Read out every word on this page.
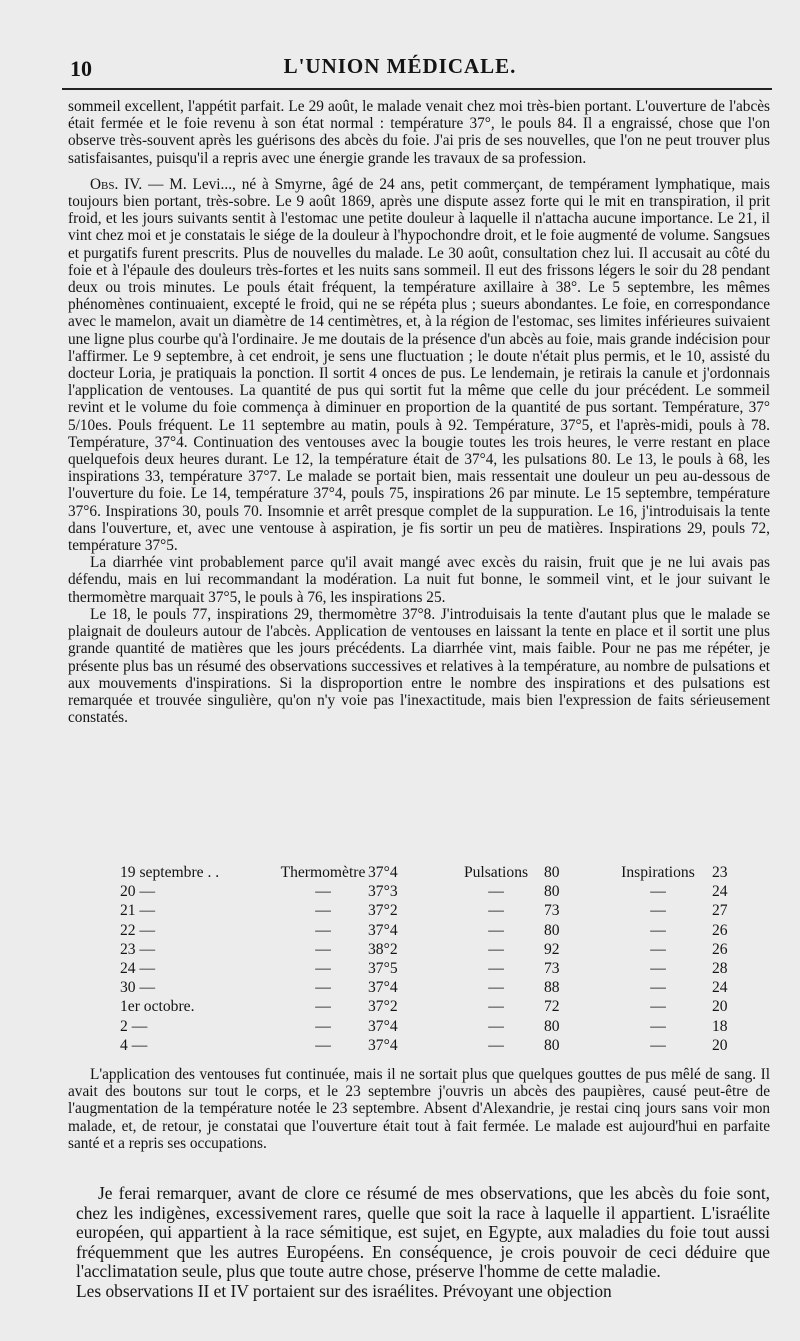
10	L'UNION MÉDICALE.

sommeil excellent, l'appétit parfait. Le 29 août, le malade venait chez moi très-bien portant. L'ouverture de l'abcès était fermée et le foie revenu à son état normal : température 37°, le pouls 84. Il a engraissé, chose que l'on observe très-souvent après les guérisons des abcès du foie. J'ai pris de ses nouvelles, que l'on ne peut trouver plus satisfaisantes, puisqu'il a repris avec une énergie grande les travaux de sa profession.

Obs. IV. — M. Levi..., né à Smyrne, âgé de 24 ans, petit commerçant, de tempérament lymphatique, mais toujours bien portant, très-sobre. Le 9 août 1869, après une dispute assez forte qui le mit en transpiration, il prit froid, et les jours suivants sentit à l'estomac une petite douleur à laquelle il n'attacha aucune importance. Le 21, il vint chez moi et je constatais le siége de la douleur à l'hypochondre droit, et le foie augmenté de volume. Sangsues et purgatifs furent prescrits. Plus de nouvelles du malade. Le 30 août, consultation chez lui. Il accusait au côté du foie et à l'épaule des douleurs très-fortes et les nuits sans sommeil. Il eut des frissons légers le soir du 28 pendant deux ou trois minutes. Le pouls était fréquent, la température axillaire à 38°. Le 5 septembre, les mêmes phénomènes continuaient, excepté le froid, qui ne se répéta plus ; sueurs abondantes. Le foie, en correspondance avec le mamelon, avait un diamètre de 14 centimètres, et, à la région de l'estomac, ses limites inférieures suivaient une ligne plus courbe qu'à l'ordinaire. Je me doutais de la présence d'un abcès au foie, mais grande indécision pour l'affirmer. Le 9 septembre, à cet endroit, je sens une fluctuation ; le doute n'était plus permis, et le 10, assisté du docteur Loria, je pratiquais la ponction. Il sortit 4 onces de pus. Le lendemain, je retirais la canule et j'ordonnais l'application de ventouses. La quantité de pus qui sortit fut la même que celle du jour précédent. Le sommeil revint et le volume du foie commença à diminuer en proportion de la quantité de pus sortant. Température, 37° 5/10es. Pouls fréquent. Le 11 septembre au matin, pouls à 92. Température, 37°5, et l'après-midi, pouls à 78. Température, 37°4. Continuation des ventouses avec la bougie toutes les trois heures, le verre restant en place quelquefois deux heures durant. Le 12, la température était de 37°4, les pulsations 80. Le 13, le pouls à 68, les inspirations 33, température 37°7. Le malade se portait bien, mais ressentait une douleur un peu au-dessous de l'ouverture du foie. Le 14, température 37°4, pouls 75, inspirations 26 par minute. Le 15 septembre, température 37°6. Inspirations 30, pouls 70. Insomnie et arrêt presque complet de la suppuration. Le 16, j'introduisais la tente dans l'ouverture, et, avec une ventouse à aspiration, je fis sortir un peu de matières. Inspirations 29, pouls 72, température 37°5.

La diarrhée vint probablement parce qu'il avait mangé avec excès du raisin, fruit que je ne lui avais pas défendu, mais en lui recommandant la modération. La nuit fut bonne, le sommeil vint, et le jour suivant le thermomètre marquait 37°5, le pouls à 76, les inspirations 25.

Le 18, le pouls 77, inspirations 29, thermomètre 37°8. J'introduisais la tente d'autant plus que le malade se plaignait de douleurs autour de l'abcès. Application de ventouses en laissant la tente en place et il sortit une plus grande quantité de matières que les jours précédents. La diarrhée vint, mais faible. Pour ne pas me répéter, je présente plus bas un résumé des observations successives et relatives à la température, au nombre de pulsations et aux mouvements d'inspirations. Si la disproportion entre le nombre des inspirations et des pulsations est remarquée et trouvée singulière, qu'on n'y voie pas l'inexactitude, mais bien l'expression de faits sérieusement constatés.

19 septembre . .	Thermomètre	37°4	Pulsations	80	Inspirations	23
20 —	—	37°3	—	80	—	24
21 —	—	37°2	—	73	—	27
22 —	—	37°4	—	80	—	26
23 —	—	38°2	—	92	—	26
24 —	—	37°5	—	73	—	28
30 —	—	37°4	—	88	—	24
1er octobre.	—	37°2	—	72	—	20
2 —	—	37°4	—	80	—	18
4 —	—	37°4	—	80	—	20

L'application des ventouses fut continuée, mais il ne sortait plus que quelques gouttes de pus mêlé de sang. Il avait des boutons sur tout le corps, et le 23 septembre j'ouvris un abcès des paupières, causé peut-être de l'augmentation de la température notée le 23 septembre. Absent d'Alexandrie, je restai cinq jours sans voir mon malade, et, de retour, je constatai que l'ouverture était tout à fait fermée. Le malade est aujourd'hui en parfaite santé et a repris ses occupations.

Je ferai remarquer, avant de clore ce résumé de mes observations, que les abcès du foie sont, chez les indigènes, excessivement rares, quelle que soit la race à laquelle il appartient. L'israélite européen, qui appartient à la race sémitique, est sujet, en Egypte, aux maladies du foie tout aussi fréquemment que les autres Européens. En conséquence, je crois pouvoir de ceci déduire que l'acclimatation seule, plus que toute autre chose, préserve l'homme de cette maladie.

Les observations II et IV portaient sur des israélites. Prévoyant une objection
